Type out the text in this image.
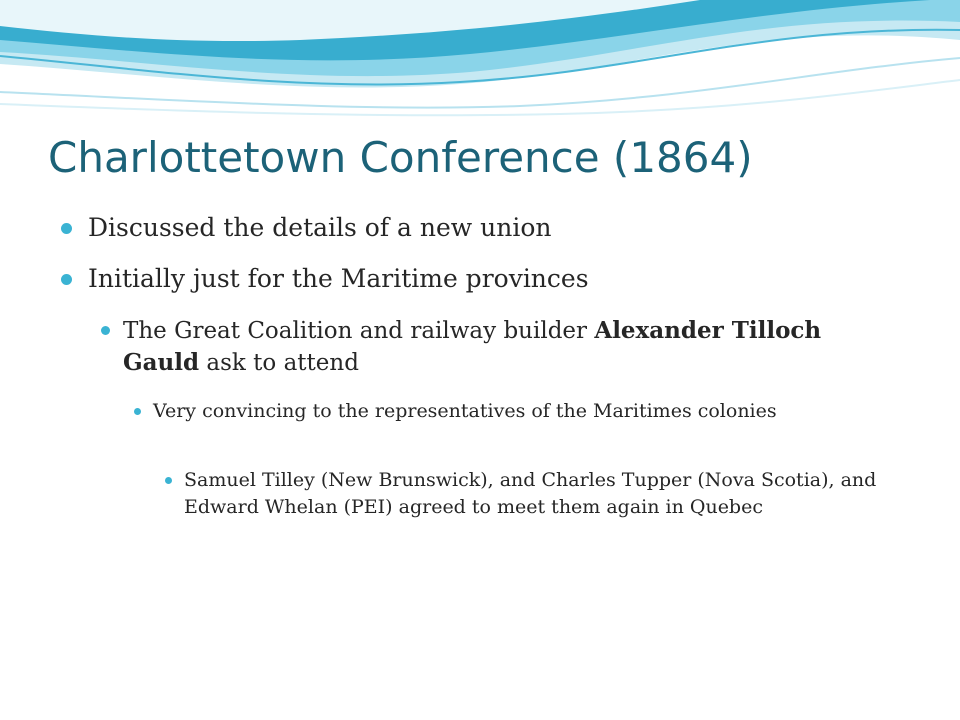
Charlottetown Conference (1864)

Discussed the details of a new union

Initially just for the Maritime provinces

The Great Coalition and railway builder Alexander Tilloch Gauld ask to attend

Very convincing to the representatives of the Maritimes colonies

Samuel Tilley (New Brunswick), and Charles Tupper (Nova Scotia), and Edward Whelan (PEI) agreed to meet them again in Quebec
